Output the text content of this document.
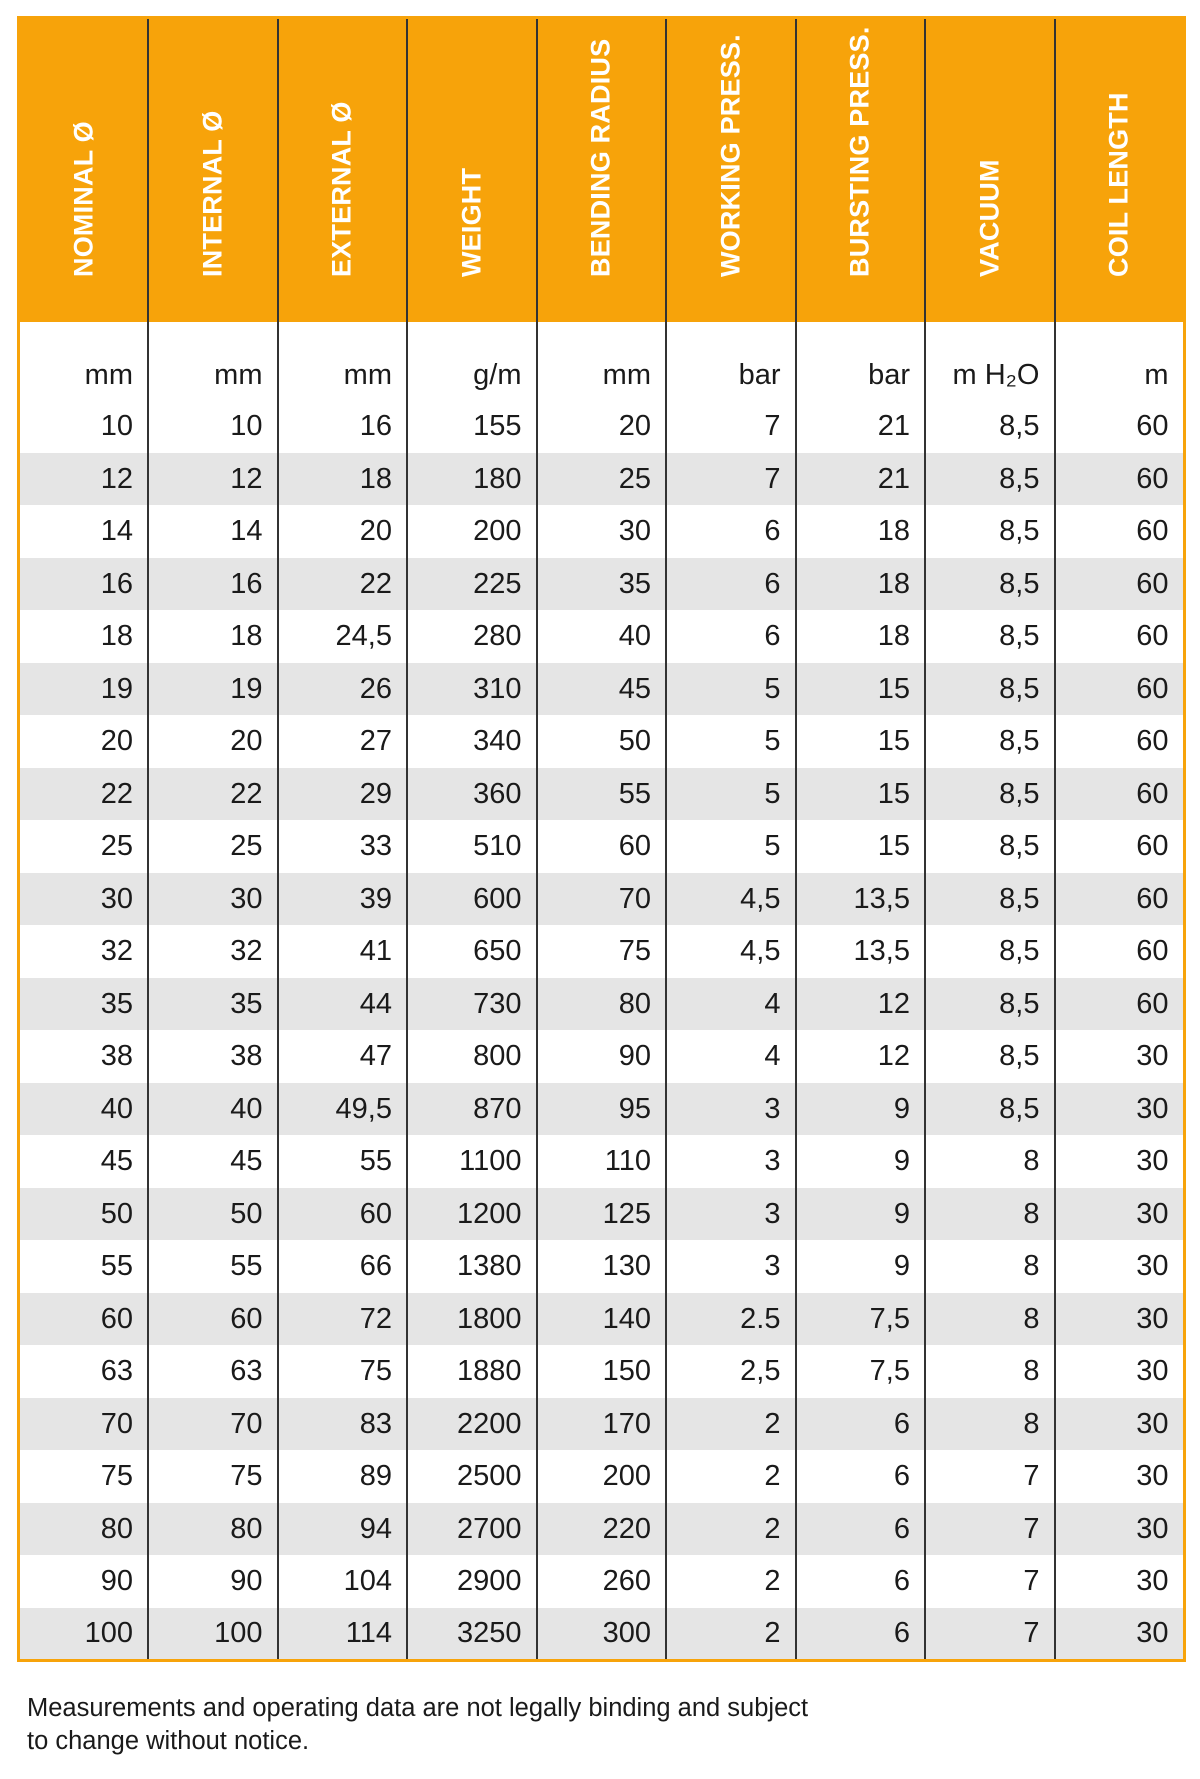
NOMINAL Ø	INTERNAL Ø	EXTERNAL Ø	WEIGHT	BENDING RADIUS	WORKING PRESS.	BURSTING PRESS.	VACUUM	COIL LENGTH

mm	mm	mm	g/m	mm	bar	bar	m H₂O	m
10	10	16	155	20	7	21	8,5	60
12	12	18	180	25	7	21	8,5	60
14	14	20	200	30	6	18	8,5	60
16	16	22	225	35	6	18	8,5	60
18	18	24,5	280	40	6	18	8,5	60
19	19	26	310	45	5	15	8,5	60
20	20	27	340	50	5	15	8,5	60
22	22	29	360	55	5	15	8,5	60
25	25	33	510	60	5	15	8,5	60
30	30	39	600	70	4,5	13,5	8,5	60
32	32	41	650	75	4,5	13,5	8,5	60
35	35	44	730	80	4	12	8,5	60
38	38	47	800	90	4	12	8,5	30
40	40	49,5	870	95	3	9	8,5	30
45	45	55	1100	110	3	9	8	30
50	50	60	1200	125	3	9	8	30
55	55	66	1380	130	3	9	8	30
60	60	72	1800	140	2.5	7,5	8	30
63	63	75	1880	150	2,5	7,5	8	30
70	70	83	2200	170	2	6	8	30
75	75	89	2500	200	2	6	7	30
80	80	94	2700	220	2	6	7	30
90	90	104	2900	260	2	6	7	30
100	100	114	3250	300	2	6	7	30

Measurements and operating data are not legally binding and subject
to change without notice.
